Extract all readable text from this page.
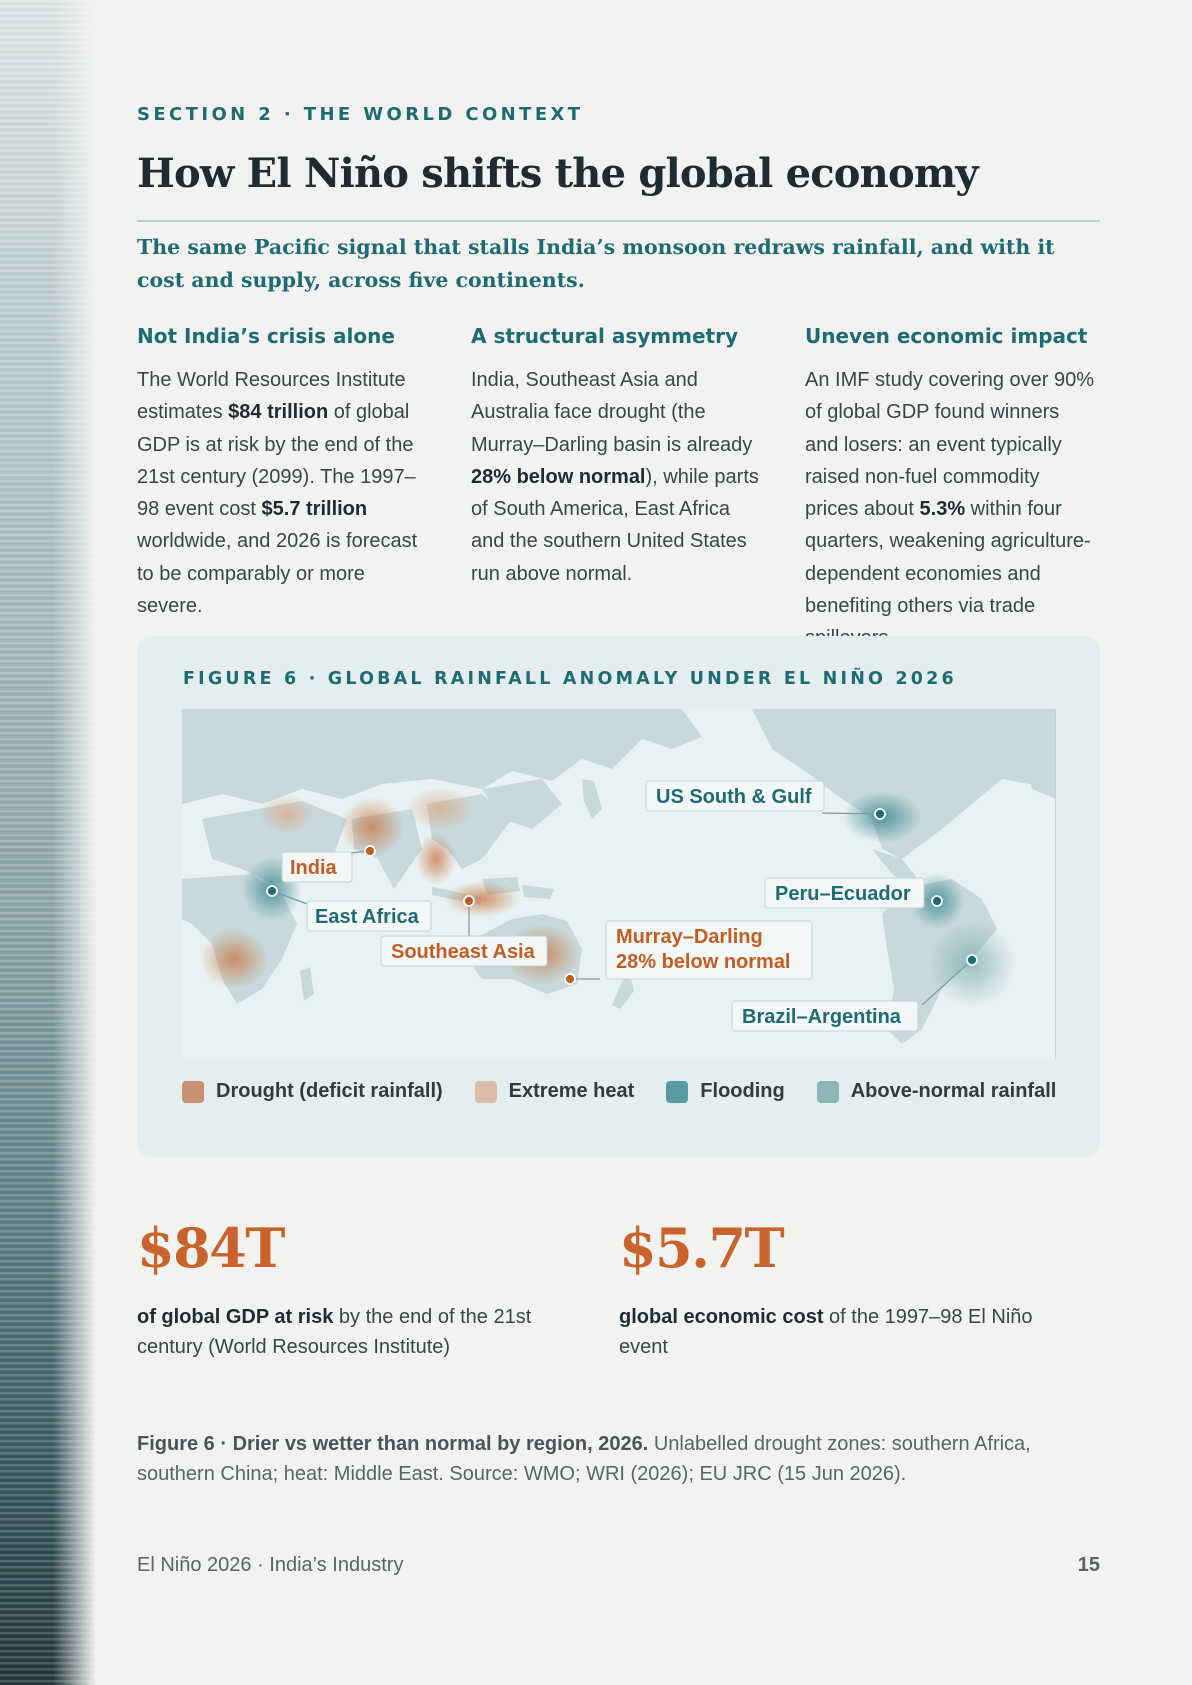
SECTION 2 · THE WORLD CONTEXT
How El Niño shifts the global economy

The same Pacific signal that stalls India’s monsoon redraws rainfall, and with it cost and supply, across five continents.

Not India’s crisis alone

The World Resources Institute estimates $84 trillion of global GDP is at risk by the end of the 21st century (2099). The 1997–98 event cost $5.7 trillion worldwide, and 2026 is forecast to be comparably or more severe.

A structural asymmetry

India, Southeast Asia and Australia face drought (the Murray–Darling basin is already 28% below normal), while parts of South America, East Africa and the southern United States run above normal.

Uneven economic impact

An IMF study covering over 90% of global GDP found winners and losers: an event typically raised non-fuel commodity prices about 5.3% within four quarters, weakening agriculture-dependent economies and benefiting others via trade

FIGURE 6 · GLOBAL RAINFALL ANOMALY UNDER EL NIÑO 2026
India
East Africa
Southeast Asia
Murray–Darling
28% below normal
US South & Gulf
Peru–Ecuador
Brazil–Argentina
Drought (deficit rainfall)	Extreme heat	Flooding	Above-normal rainfall
$84T

of global GDP at risk by the end of the 21st century (World Resources Institute)

$5.7T

global economic cost of the 1997–98 El Niño event

Figure 6 · Drier vs wetter than normal by region, 2026. Unlabelled drought zones: southern Africa, southern China; heat: Middle East. Source: WMO; WRI (2026); EU JRC (15 Jun 2026).

El Niño 2026 · India’s Industry	15
